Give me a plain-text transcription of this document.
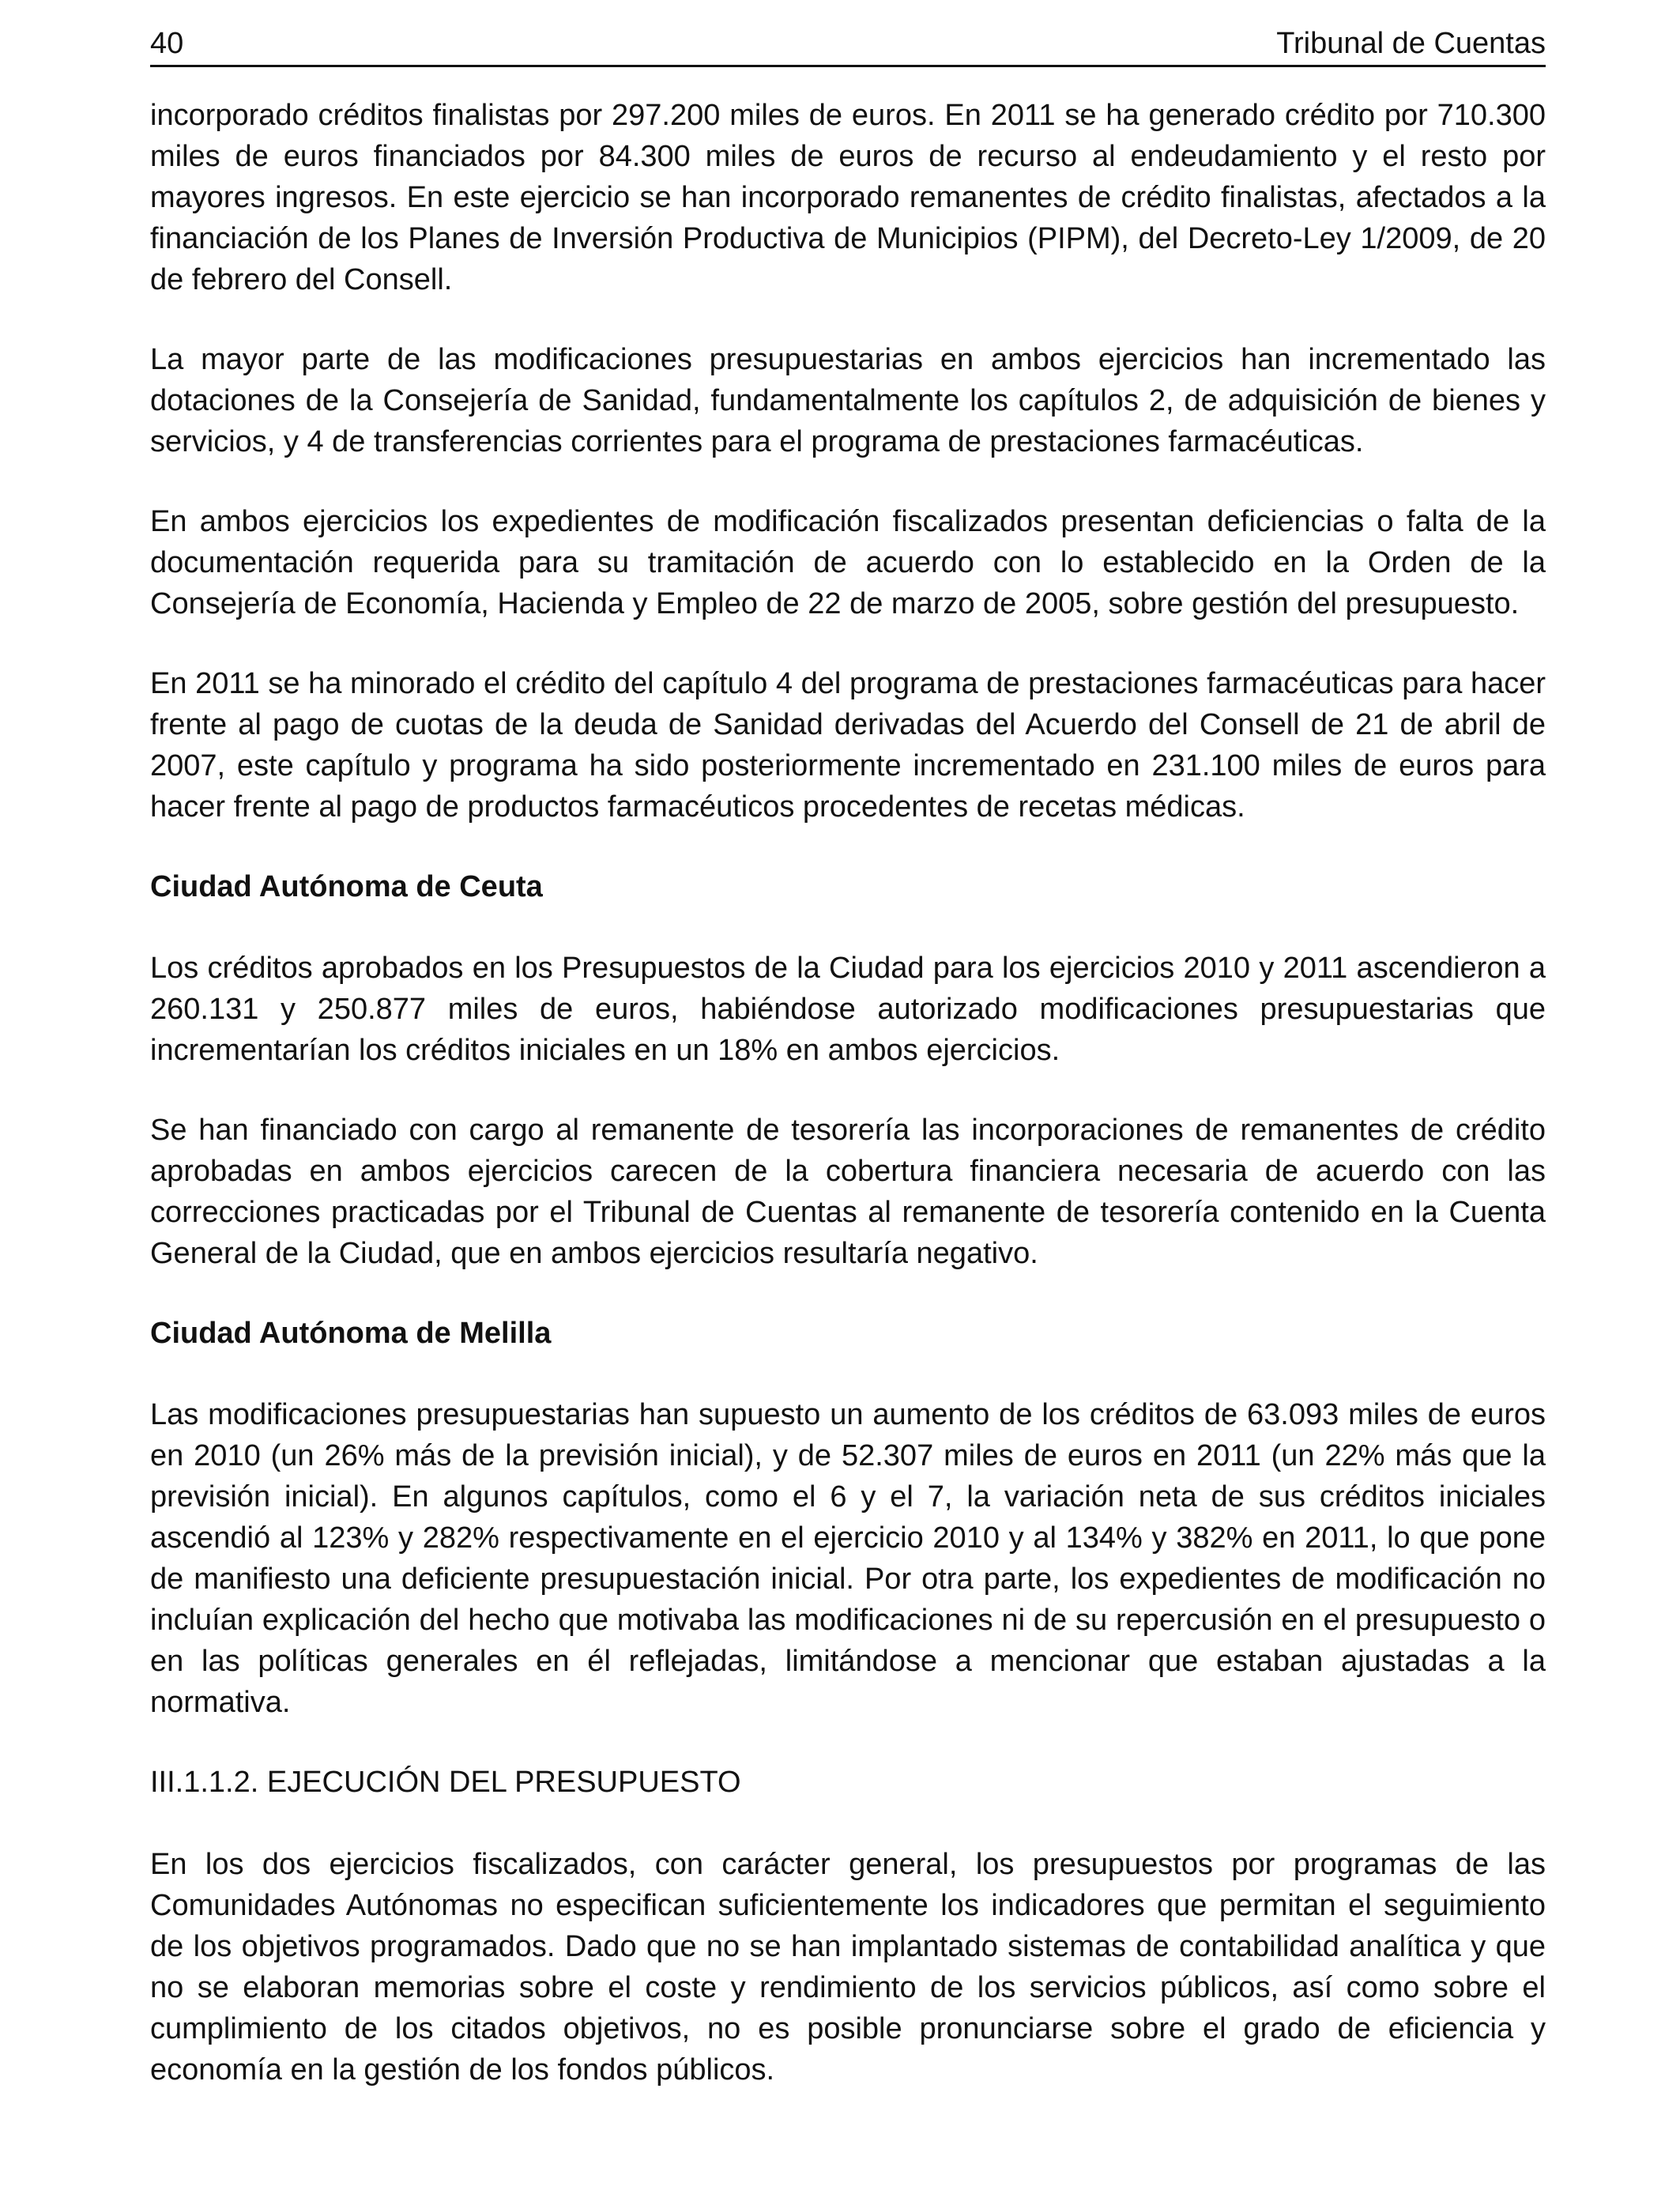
40	Tribunal de Cuentas

incorporado créditos finalistas por 297.200 miles de euros. En 2011 se ha generado crédito por 710.300 miles de euros financiados por 84.300 miles de euros de recurso al endeudamiento y el resto por mayores ingresos. En este ejercicio se han incorporado remanentes de crédito finalistas, afectados a la financiación de los Planes de Inversión Productiva de Municipios (PIPM), del Decreto-Ley 1/2009, de 20 de febrero del Consell.

La mayor parte de las modificaciones presupuestarias en ambos ejercicios han incrementado las dotaciones de la Consejería de Sanidad, fundamentalmente los capítulos 2, de adquisición de bienes y servicios, y 4 de transferencias corrientes para el programa de prestaciones farmacéuticas.

En ambos ejercicios los expedientes de modificación fiscalizados presentan deficiencias o falta de la documentación requerida para su tramitación de acuerdo con lo establecido en la Orden de la Consejería de Economía, Hacienda y Empleo de 22 de marzo de 2005, sobre gestión del presupuesto.

En 2011 se ha minorado el crédito del capítulo 4 del programa de prestaciones farmacéuticas para hacer frente al pago de cuotas de la deuda de Sanidad derivadas del Acuerdo del Consell de 21 de abril de 2007, este capítulo y programa ha sido posteriormente incrementado en 231.100 miles de euros para hacer frente al pago de productos farmacéuticos procedentes de recetas médicas.

Ciudad Autónoma de Ceuta

Los créditos aprobados en los Presupuestos de la Ciudad para los ejercicios 2010 y 2011 ascendieron a 260.131 y 250.877 miles de euros, habiéndose autorizado modificaciones presupuestarias que incrementarían los créditos iniciales en un 18% en ambos ejercicios.

Se han financiado con cargo al remanente de tesorería las incorporaciones de remanentes de crédito aprobadas en ambos ejercicios carecen de la cobertura financiera necesaria de acuerdo con las correcciones practicadas por el Tribunal de Cuentas al remanente de tesorería contenido en la Cuenta General de la Ciudad, que en ambos ejercicios resultaría negativo.

Ciudad Autónoma de Melilla

Las modificaciones presupuestarias han supuesto un aumento de los créditos de 63.093 miles de euros en 2010 (un 26% más de la previsión inicial), y de 52.307 miles de euros en 2011 (un 22% más que la previsión inicial). En algunos capítulos, como el 6 y el 7, la variación neta de sus créditos iniciales ascendió al 123% y 282% respectivamente en el ejercicio 2010 y al 134% y 382% en 2011, lo que pone de manifiesto una deficiente presupuestación inicial. Por otra parte, los expedientes de modificación no incluían explicación del hecho que motivaba las modificaciones ni de su repercusión en el presupuesto o en las políticas generales en él reflejadas, limitándose a mencionar que estaban ajustadas a la normativa.

III.1.1.2. EJECUCIÓN DEL PRESUPUESTO

En los dos ejercicios fiscalizados, con carácter general, los presupuestos por programas de las Comunidades Autónomas no especifican suficientemente los indicadores que permitan el seguimiento de los objetivos programados. Dado que no se han implantado sistemas de contabilidad analítica y que no se elaboran memorias sobre el coste y rendimiento de los servicios públicos, así como sobre el cumplimiento de los citados objetivos, no es posible pronunciarse sobre el grado de eficiencia y economía en la gestión de los fondos públicos.
